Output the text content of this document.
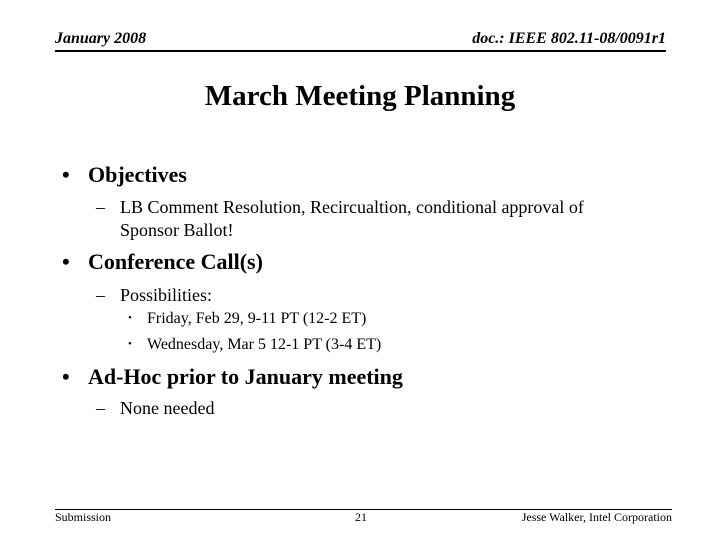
January 2008	doc.: IEEE 802.11-08/0091r1
March Meeting Planning
• Objectives
– LB Comment Resolution, Recircualtion, conditional approval of
Sponsor Ballot!
• Conference Call(s)
– Possibilities:
• Friday, Feb 29, 9-11 PT (12-2 ET)
• Wednesday, Mar 5 12-1 PT (3-4 ET)
• Ad-Hoc prior to January meeting
– None needed
Submission	21	Jesse Walker, Intel Corporation
